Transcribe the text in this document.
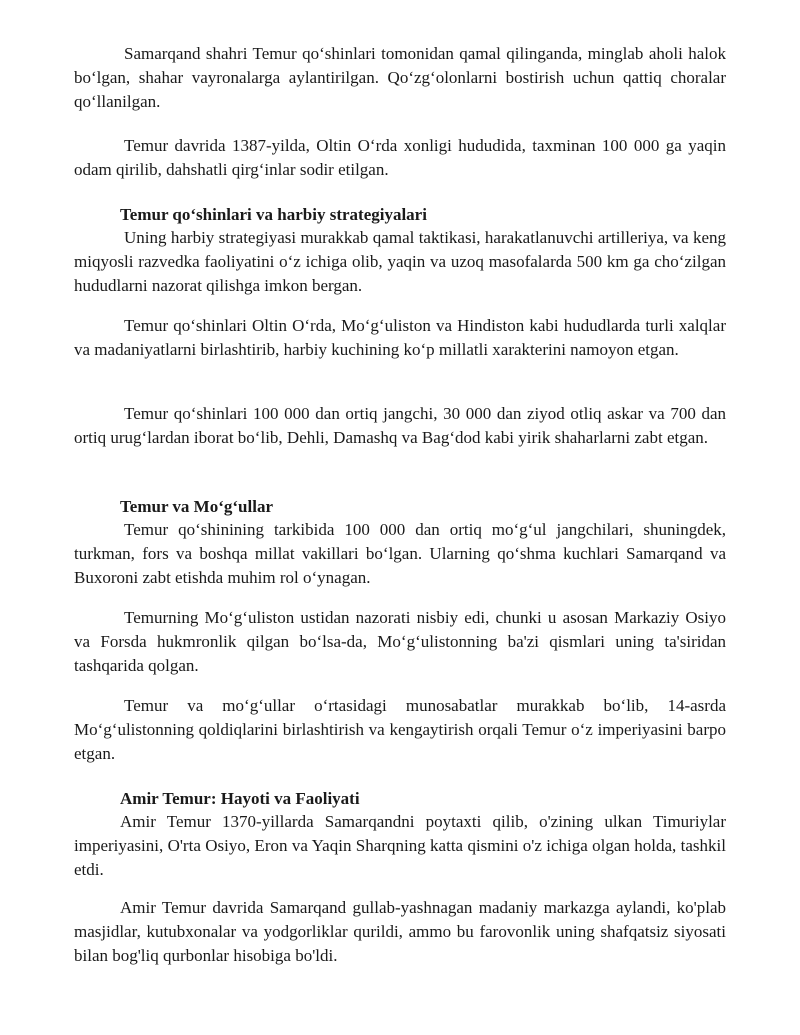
Samarqand shahri Temur qo‘shinlari tomonidan qamal qilinganda, minglab aholi halok bo‘lgan, shahar vayronalarga aylantirilgan. Qo‘zg‘olonlarni bostirish uchun qattiq choralar qo‘llanilgan.

Temur davrida 1387-yilda, Oltin O‘rda xonligi hududida, taxminan 100 000 ga yaqin odam qirilib, dahshatli qirg‘inlar sodir etilgan.

Temur qo‘shinlari va harbiy strategiyalari

Uning harbiy strategiyasi murakkab qamal taktikasi, harakatlanuvchi artilleriya, va keng miqyosli razvedka faoliyatini o‘z ichiga olib, yaqin va uzoq masofalarda 500 km ga cho‘zilgan hududlarni nazorat qilishga imkon bergan.

Temur qo‘shinlari Oltin O‘rda, Mo‘g‘uliston va Hindiston kabi hududlarda turli xalqlar va madaniyatlarni birlashtirib, harbiy kuchining ko‘p millatli xarakterini namoyon etgan.

Temur qo‘shinlari 100 000 dan ortiq jangchi, 30 000 dan ziyod otliq askar va 700 dan ortiq urug‘lardan iborat bo‘lib, Dehli, Damashq va Bag‘dod kabi yirik shaharlarni zabt etgan.

Temur va Mo‘g‘ullar

Temur qo‘shinining tarkibida 100 000 dan ortiq mo‘g‘ul jangchilari, shuningdek, turkman, fors va boshqa millat vakillari bo‘lgan. Ularning qo‘shma kuchlari Samarqand va Buxoroni zabt etishda muhim rol o‘ynagan.

Temurning Mo‘g‘uliston ustidan nazorati nisbiy edi, chunki u asosan Markaziy Osiyo va Forsda hukmronlik qilgan bo‘lsa-da, Mo‘g‘ulistonning ba'zi qismlari uning ta'siridan tashqarida qolgan.

Temur va mo‘g‘ullar o‘rtasidagi munosabatlar murakkab bo‘lib, 14-asrda Mo‘g‘ulistonning qoldiqlarini birlashtirish va kengaytirish orqali Temur o‘z imperiyasini barpo etgan.

Amir Temur: Hayoti va Faoliyati

Amir Temur 1370-yillarda Samarqandni poytaxti qilib, o'zining ulkan Timuriylar imperiyasini, O'rta Osiyo, Eron va Yaqin Sharqning katta qismini o'z ichiga olgan holda, tashkil etdi.

Amir Temur davrida Samarqand gullab-yashnagan madaniy markazga aylandi, ko'plab masjidlar, kutubxonalar va yodgorliklar qurildi, ammo bu farovonlik uning shafqatsiz siyosati bilan bog'liq qurbonlar hisobiga bo'ldi.
